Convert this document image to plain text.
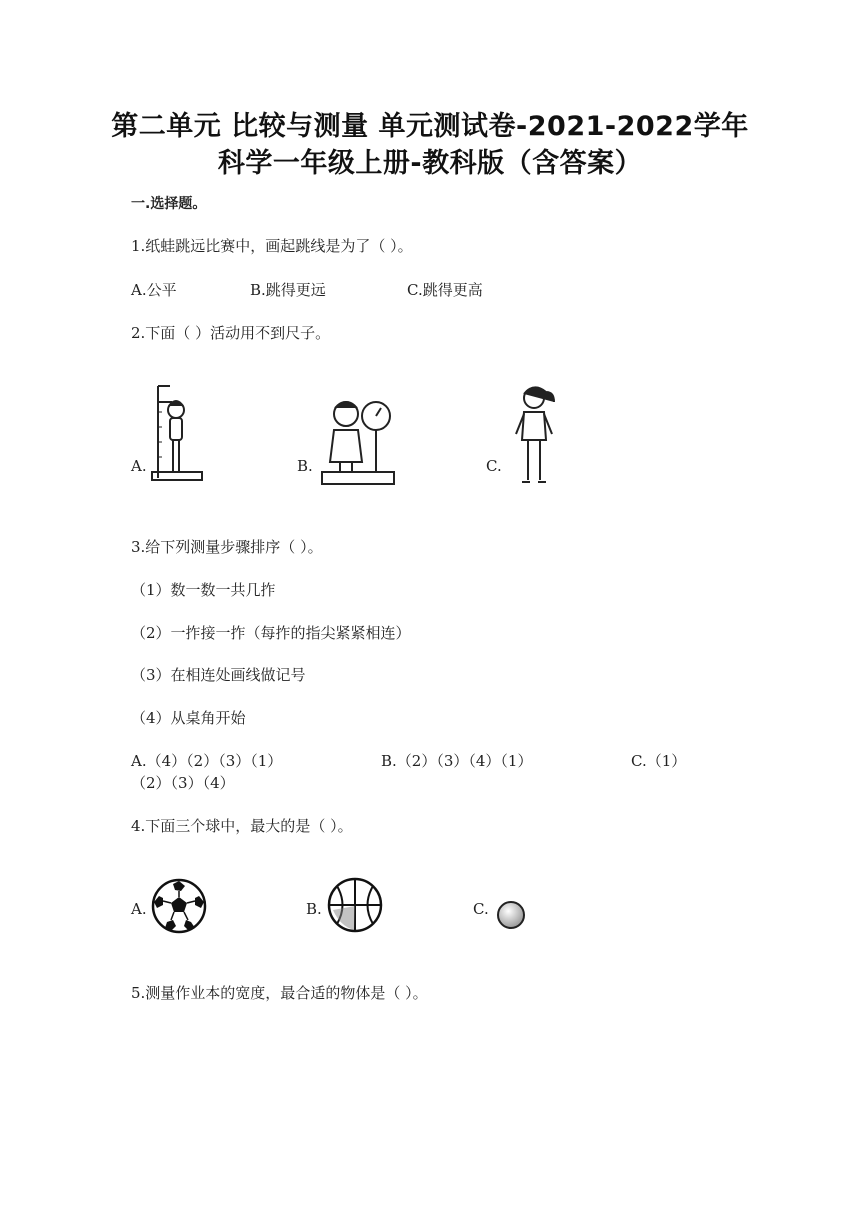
第二单元 比较与测量 单元测试卷-2021-2022学年
科学一年级上册-教科版（含答案）
一.选择题。
1.纸蛙跳远比赛中，画起跳线是为了（ ）。
A.公平	B.跳得更远	C.跳得更高
2.下面（ ）活动用不到尺子。
A.	B.	C.
3.给下列测量步骤排序（ ）。
（1）数一数一共几拃
（2）一拃接一拃（每拃的指尖紧紧相连）
（3）在相连处画线做记号
（4）从桌角开始
A.（4）（2）（3）（1）	B.（2）（3）（4）（1）	C.（1）
（2）（3）（4）
4.下面三个球中，最大的是（ ）。
A.	B.	C.
5.测量作业本的宽度，最合适的物体是（ ）。
